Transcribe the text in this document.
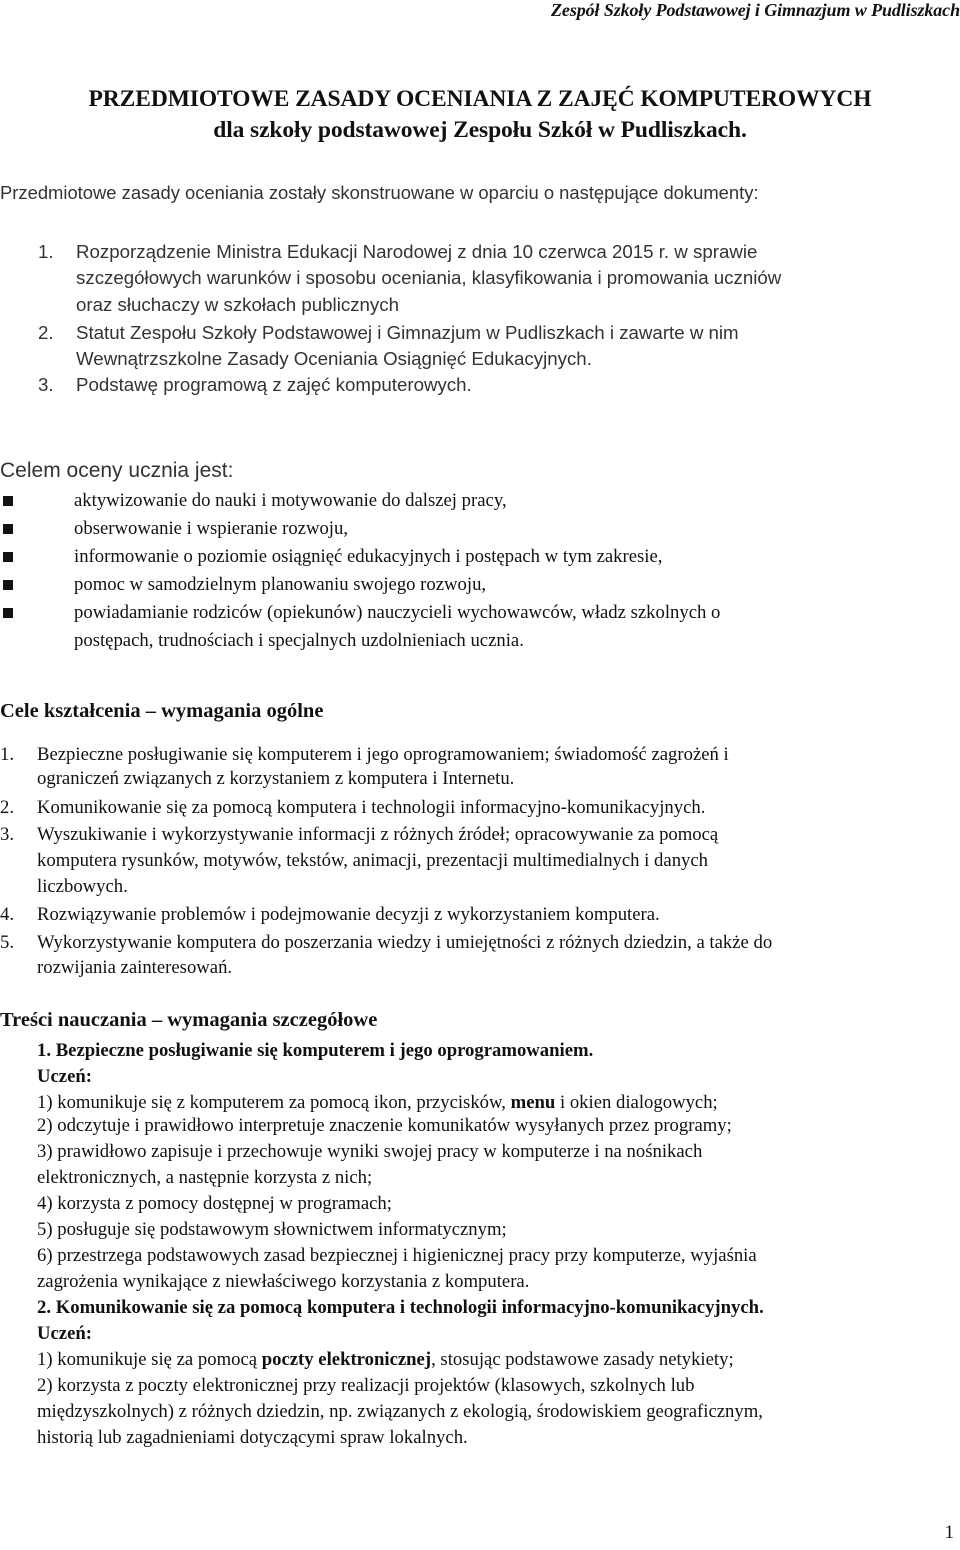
Zespół Szkoły Podstawowej i Gimnazjum w Pudliszkach
PRZEDMIOTOWE ZASADY OCENIANIA Z ZAJĘĆ KOMPUTEROWYCH
dla szkoły podstawowej Zespołu Szkół w Pudliszkach.
Przedmiotowe zasady oceniania zostały skonstruowane w oparciu o następujące dokumenty:
1. Rozporządzenie Ministra Edukacji Narodowej z dnia 10 czerwca 2015 r. w sprawie
szczegółowych warunków i sposobu oceniania, klasyfikowania i promowania uczniów
oraz słuchaczy w szkołach publicznych
2. Statut Zespołu Szkoły Podstawowej i Gimnazjum w Pudliszkach i zawarte w nim
Wewnątrzszkolne Zasady Oceniania Osiągnięć Edukacyjnych.
3. Podstawę programową z zajęć komputerowych.
Celem oceny ucznia jest:
aktywizowanie do nauki i motywowanie do dalszej pracy,
obserwowanie i wspieranie rozwoju,
informowanie o poziomie osiągnięć edukacyjnych i postępach w tym zakresie,
pomoc w samodzielnym planowaniu swojego rozwoju,
powiadamianie rodziców (opiekunów) nauczycieli wychowawców, władz szkolnych o
postępach, trudnościach i specjalnych uzdolnieniach ucznia.
Cele kształcenia – wymagania ogólne
1. Bezpieczne posługiwanie się komputerem i jego oprogramowaniem; świadomość zagrożeń i
ograniczeń związanych z korzystaniem z komputera i Internetu.
2. Komunikowanie się za pomocą komputera i technologii informacyjno-komunikacyjnych.
3. Wyszukiwanie i wykorzystywanie informacji z różnych źródeł; opracowywanie za pomocą
komputera rysunków, motywów, tekstów, animacji, prezentacji multimedialnych i danych
liczbowych.
4. Rozwiązywanie problemów i podejmowanie decyzji z wykorzystaniem komputera.
5. Wykorzystywanie komputera do poszerzania wiedzy i umiejętności z różnych dziedzin, a także do
rozwijania zainteresowań.
Treści nauczania – wymagania szczegółowe
1. Bezpieczne posługiwanie się komputerem i jego oprogramowaniem.
Uczeń:
1) komunikuje się z komputerem za pomocą ikon, przycisków, menu i okien dialogowych;
2) odczytuje i prawidłowo interpretuje znaczenie komunikatów wysyłanych przez programy;
3) prawidłowo zapisuje i przechowuje wyniki swojej pracy w komputerze i na nośnikach
elektronicznych, a następnie korzysta z nich;
4) korzysta z pomocy dostępnej w programach;
5) posługuje się podstawowym słownictwem informatycznym;
6) przestrzega podstawowych zasad bezpiecznej i higienicznej pracy przy komputerze, wyjaśnia
zagrożenia wynikające z niewłaściwego korzystania z komputera.
2. Komunikowanie się za pomocą komputera i technologii informacyjno-komunikacyjnych.
Uczeń:
1) komunikuje się za pomocą poczty elektronicznej, stosując podstawowe zasady netykiety;
2) korzysta z poczty elektronicznej przy realizacji projektów (klasowych, szkolnych lub
międzyszkolnych) z różnych dziedzin, np. związanych z ekologią, środowiskiem geograficznym,
historią lub zagadnieniami dotyczącymi spraw lokalnych.
1
